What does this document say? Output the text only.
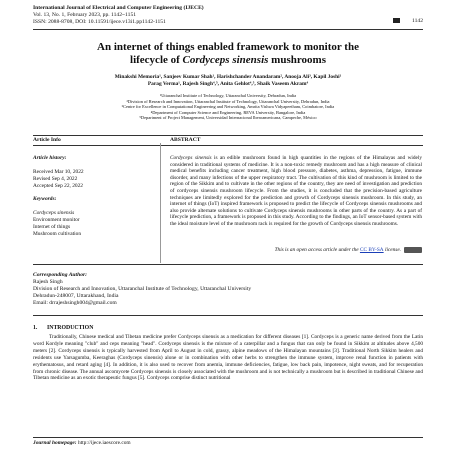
International Journal of Electrical and Computer Engineering (IJECE)
Vol. 13, No. 1, February 2023, pp. 1142~1151
ISSN: 2088-8708, DOI: 10.11591/ijece.v13i1.pp1142-1151	1142
An internet of things enabled framework to monitor the
lifecycle of Cordyceps sinensis mushrooms
Minakshi Memoria¹, Sanjeev Kumar Shah¹, Harishchander Anandaram², Anooja Ali³, Kapil Joshi¹
Parag Verma¹, Rajesh Singh⁴,⁵, Anita Gehlot⁴,⁵, Shaik Vaseem Akram⁴
¹Uttaranchal Institute of Technology, Uttaranchal University, Dehradun, India
²Division of Research and Innovation, Uttaranchal Institute of Technology, Uttaranchal University, Dehradun, India
³Centre for Excellence in Computational Engineering and Networking, Amrita Vishwa Vidyapeetham, Coimbatore, India
⁴Department of Computer Science and Engineering, REVA University, Bangalore, India
⁵Department of Project Management, Universidad Internacional Iberoamericana, Campeche, México
Article Info	ABSTRACT
Article history:
Received Mar 10, 2022
Revised Sep 4, 2022
Accepted Sep 22, 2022
Keywords:
Cordyceps sinensis
Environment monitor
Internet of things
Mushroom cultivation
Cordyceps sinensis is an edible mushroom found in high quantities in the regions of the Himalayas and widely considered in traditional systems of medicine. It is a non-toxic remedy mushroom and has a high measure of clinical medical benefits including cancer treatment, high blood pressure, diabetes, asthma, depression, fatigue, immune disorder, and many infections of the upper respiratory tract. The cultivation of this kind of mushroom is limited to the region of the Sikkim and to cultivate in the other regions of the country, they are need of investigation and prediction of cordyceps sinensis mushroom lifecycle. From the studies, it is concluded that the precision-based agriculture techniques are limitedly explored for the prediction and growth of Cordyceps sinensis mushroom. In this study, an internet of things (IoT) inspired framework is proposed to predict the lifecycle of Cordyceps sinensis mushrooms and also provide alternate solutions to cultivate Cordyceps sinensis mushrooms in other parts of the country. As a part of lifecycle prediction, a framework is proposed in this study. According to the findings, an IoT sensor-based system with the ideal moisture level of the mushroom rack is required for the growth of Cordyceps sinensis mushrooms.
This is an open access article under the CC BY-SA license.
Corresponding Author:
Rajesh Singh
Division of Research and Innovation, Uttaranchal Institute of Technology, Uttaranchal University
Dehradun-248007, Uttarakhand, India
Email: drrajeshsingh004@gmail.com
1. INTRODUCTION
Traditionally, Chinese medical and Tibetan medicine prefer Cordyceps sinensis as a medication for different diseases [1]. Cordyceps is a generic name derived from the Latin word Kordyle meaning "club" and ceps meaning "head". Cordyceps sinensis is the mixture of a caterpillar and a fungus that can only be found in Sikkim at altitudes above 4,500 meters [2]. Cordyceps sinensis is typically harvested from April to August in cold, grassy, alpine meadows of the Himalayan mountains [3]. Traditional North Sikkim healers and residents use Yarsagumba, Keeraghas (Cordyceps sinensis) alone or in combination with other herbs to strengthen the immune system, improve renal function in patients with erythematosus, and retard aging [4]. In addition, it is also used to recover from anemia, immune deficiencies, fatigue, low back pain, impotence, night sweats, and for recuperation from chronic disease. The annual ascomycete Cordyceps sinensis is closely associated with the mushroom and is not technically a mushroom but is described in traditional Chinese and Tibetan medicine as an exotic therapeutic fungus [5]. Cordyceps comprise distinct nutritional
Journal homepage: http://ijece.iaescore.com
